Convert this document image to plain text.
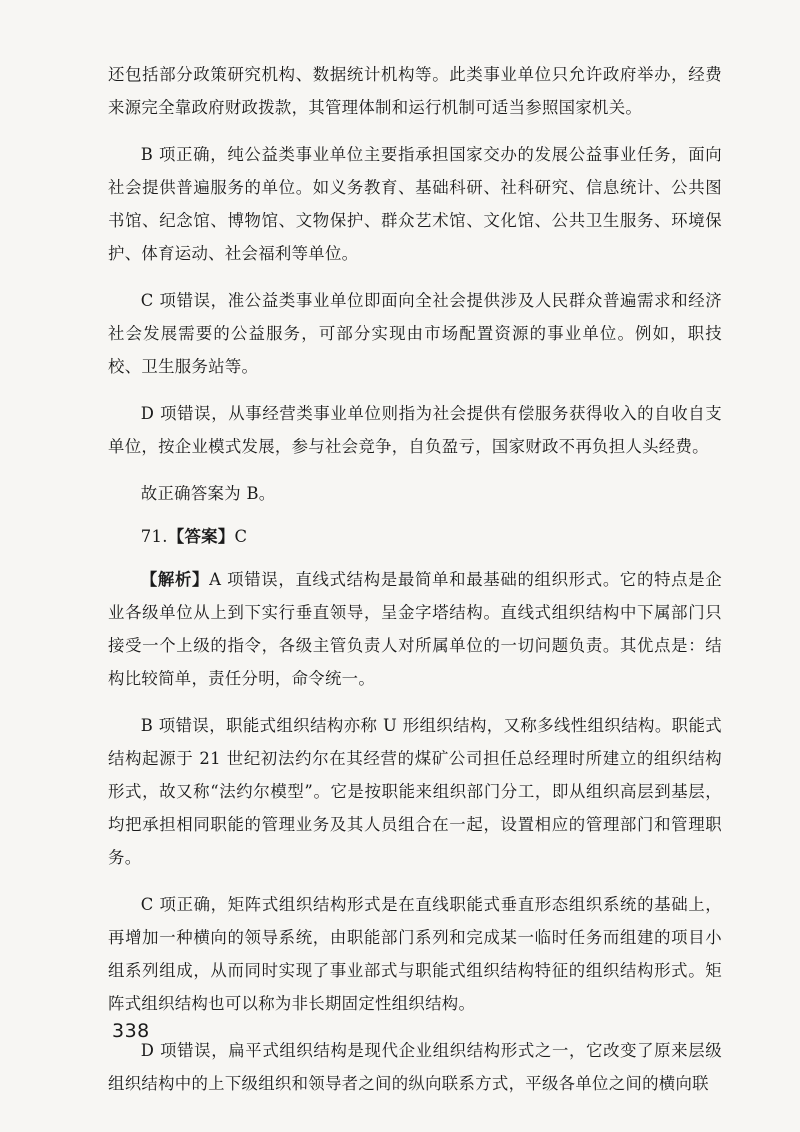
还包括部分政策研究机构、数据统计机构等。此类事业单位只允许政府举办，经费来源完全靠政府财政拨款，其管理体制和运行机制可适当参照国家机关。

B 项正确，纯公益类事业单位主要指承担国家交办的发展公益事业任务，面向社会提供普遍服务的单位。如义务教育、基础科研、社科研究、信息统计、公共图书馆、纪念馆、博物馆、文物保护、群众艺术馆、文化馆、公共卫生服务、环境保护、体育运动、社会福利等单位。

C 项错误，准公益类事业单位即面向全社会提供涉及人民群众普遍需求和经济社会发展需要的公益服务，可部分实现由市场配置资源的事业单位。例如，职技校、卫生服务站等。

D 项错误，从事经营类事业单位则指为社会提供有偿服务获得收入的自收自支单位，按企业模式发展，参与社会竞争，自负盈亏，国家财政不再负担人头经费。

故正确答案为 B。

71.【答案】C

【解析】A 项错误，直线式结构是最简单和最基础的组织形式。它的特点是企业各级单位从上到下实行垂直领导，呈金字塔结构。直线式组织结构中下属部门只接受一个上级的指令，各级主管负责人对所属单位的一切问题负责。其优点是：结构比较简单，责任分明，命令统一。

B 项错误，职能式组织结构亦称 U 形组织结构，又称多线性组织结构。职能式结构起源于 21 世纪初法约尔在其经营的煤矿公司担任总经理时所建立的组织结构形式，故又称“法约尔模型”。它是按职能来组织部门分工，即从组织高层到基层，均把承担相同职能的管理业务及其人员组合在一起，设置相应的管理部门和管理职务。

C 项正确，矩阵式组织结构形式是在直线职能式垂直形态组织系统的基础上，再增加一种横向的领导系统，由职能部门系列和完成某一临时任务而组建的项目小组系列组成，从而同时实现了事业部式与职能式组织结构特征的组织结构形式。矩阵式组织结构也可以称为非长期固定性组织结构。

D 项错误，扁平式组织结构是现代企业组织结构形式之一，它改变了原来层级组织结构中的上下级组织和领导者之间的纵向联系方式，平级各单位之间的横向联

338
